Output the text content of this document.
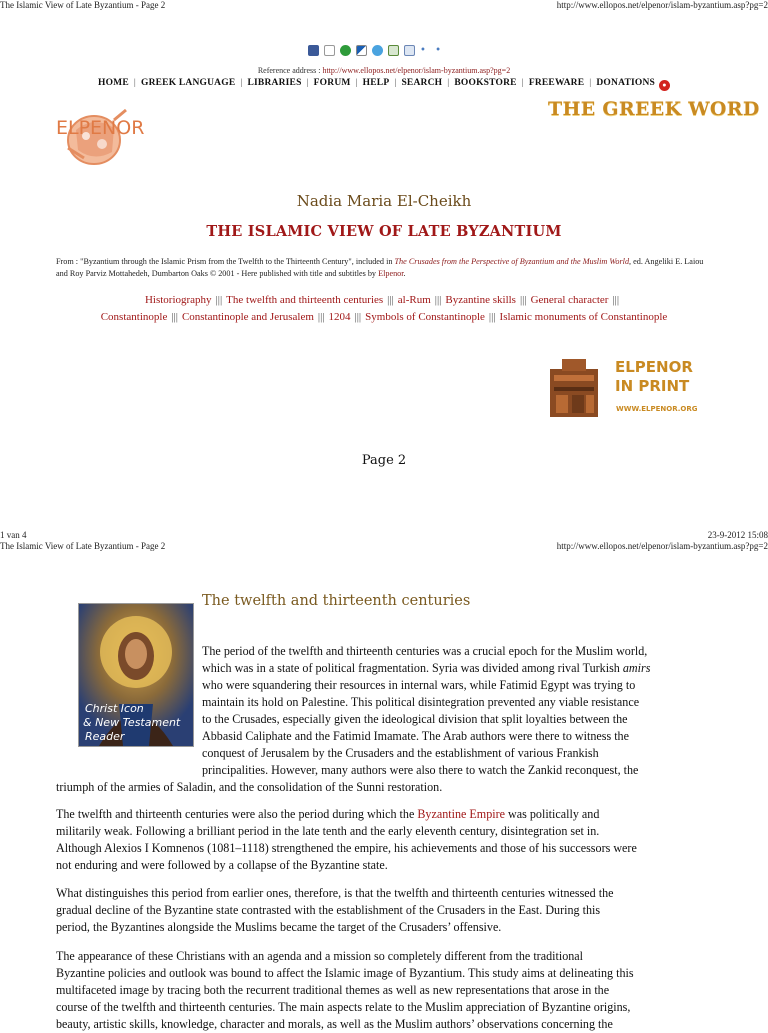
The Islamic View of Late Byzantium - Page 2	http://www.ellopos.net/elpenor/islam-byzantium.asp?pg=2
• •
Reference address : http://www.ellopos.net/elpenor/islam-byzantium.asp?pg=2
HOME | GREEK LANGUAGE | LIBRARIES | FORUM | HELP | SEARCH | BOOKSTORE | FREEWARE | DONATIONS ●
ELPENOR
THE GREEK WORD
Nadia Maria El-Cheikh
THE ISLAMIC VIEW OF LATE BYZANTIUM
From : "Byzantium through the Islamic Prism from the Twelfth to the Thirteenth Century", included in The Crusades from the Perspective of Byzantium and the Muslim World, ed. Angeliki E. Laiou and Roy Parviz Mottahedeh, Dumbarton Oaks © 2001 - Here published with title and subtitles by Elpenor.
Historiography ||| The twelfth and thirteenth centuries ||| al-Rum ||| Byzantine skills ||| General character |||
Constantinople ||| Constantinople and Jerusalem ||| 1204 ||| Symbols of Constantinople ||| Islamic monuments of Constantinople
ELPENOR
IN PRINT
WWW.ELPENOR.ORG
Page 2
1 van 4	23-9-2012 15:08
The Islamic View of Late Byzantium - Page 2	http://www.ellopos.net/elpenor/islam-byzantium.asp?pg=2
Christ Icon
& New Testament
Reader
The twelfth and thirteenth centuries
The period of the twelfth and thirteenth centuries was a crucial epoch for the Muslim world,
which was in a state of political fragmentation. Syria was divided among rival Turkish amirs
who were squandering their resources in internal wars, while Fatimid Egypt was trying to
maintain its hold on Palestine. This political disintegration prevented any viable resistance
to the Crusades, especially given the ideological division that split loyalties between the
Abbasid Caliphate and the Fatimid Imamate. The Arab authors were there to witness the
conquest of Jerusalem by the Crusaders and the establishment of various Frankish
principalities. However, many authors were also there to watch the Zankid reconquest, the
triumph of the armies of Saladin, and the consolidation of the Sunni restoration.
The twelfth and thirteenth centuries were also the period during which the Byzantine Empire was politically and
militarily weak. Following a brilliant period in the late tenth and the early eleventh century, disintegration set in.
Although Alexios I Komnenos (1081–1118) strengthened the empire, his achievements and those of his successors were
not enduring and were followed by a collapse of the Byzantine state.
What distinguishes this period from earlier ones, therefore, is that the twelfth and thirteenth centuries witnessed the
gradual decline of the Byzantine state contrasted with the establishment of the Crusaders in the East. During this
period, the Byzantines alongside the Muslims became the target of the Crusaders’ offensive.
The appearance of these Christians with an agenda and a mission so completely different from the traditional
Byzantine policies and outlook was bound to affect the Islamic image of Byzantium. This study aims at delineating this
multifaceted image by tracing both the recurrent traditional themes as well as new representations that arose in the
course of the twelfth and thirteenth centuries. The main aspects relate to the Muslim appreciation of Byzantine origins,
beauty, artistic skills, knowledge, character and morals, as well as the Muslim authors’ observations concerning the
